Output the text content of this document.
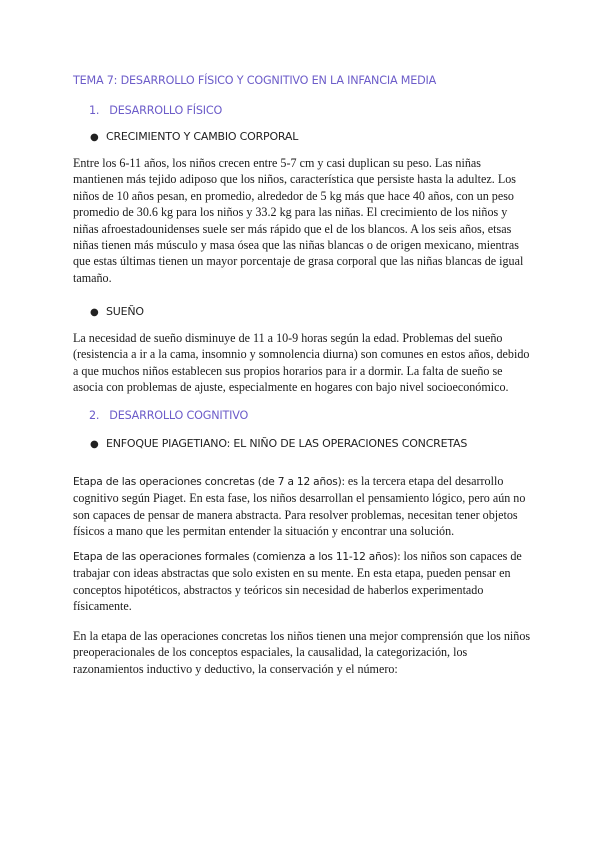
TEMA 7: DESARROLLO FÍSICO Y COGNITIVO EN LA INFANCIA MEDIA
1. DESARROLLO FÍSICO
● CRECIMIENTO Y CAMBIO CORPORAL
Entre los 6-11 años, los niños crecen entre 5-7 cm y casi duplican su peso. Las niñas mantienen más tejido adiposo que los niños, característica que persiste hasta la adultez. Los niños de 10 años pesan, en promedio, alrededor de 5 kg más que hace 40 años, con un peso promedio de 30.6 kg para los niños y 33.2 kg para las niñas. El crecimiento de los niños y niñas afroestadounidenses suele ser más rápido que el de los blancos. A los seis años, etsas niñas tienen más músculo y masa ósea que las niñas blancas o de origen mexicano, mientras que estas últimas tienen un mayor porcentaje de grasa corporal que las niñas blancas de igual tamaño.
● SUEÑO
La necesidad de sueño disminuye de 11 a 10-9 horas según la edad. Problemas del sueño (resistencia a ir a la cama, insomnio y somnolencia diurna) son comunes en estos años, debido a que muchos niños establecen sus propios horarios para ir a dormir. La falta de sueño se asocia con problemas de ajuste, especialmente en hogares con bajo nivel socioeconómico.
2. DESARROLLO COGNITIVO
● ENFOQUE PIAGETIANO: EL NIÑO DE LAS OPERACIONES CONCRETAS
Etapa de las operaciones concretas (de 7 a 12 años): es la tercera etapa del desarrollo cognitivo según Piaget. En esta fase, los niños desarrollan el pensamiento lógico, pero aún no son capaces de pensar de manera abstracta. Para resolver problemas, necesitan tener objetos físicos a mano que les permitan entender la situación y encontrar una solución.
Etapa de las operaciones formales (comienza a los 11-12 años): los niños son capaces de trabajar con ideas abstractas que solo existen en su mente. En esta etapa, pueden pensar en conceptos hipotéticos, abstractos y teóricos sin necesidad de haberlos experimentado físicamente.
En la etapa de las operaciones concretas los niños tienen una mejor comprensión que los niños preoperacionales de los conceptos espaciales, la causalidad, la categorización, los razonamientos inductivo y deductivo, la conservación y el número:
